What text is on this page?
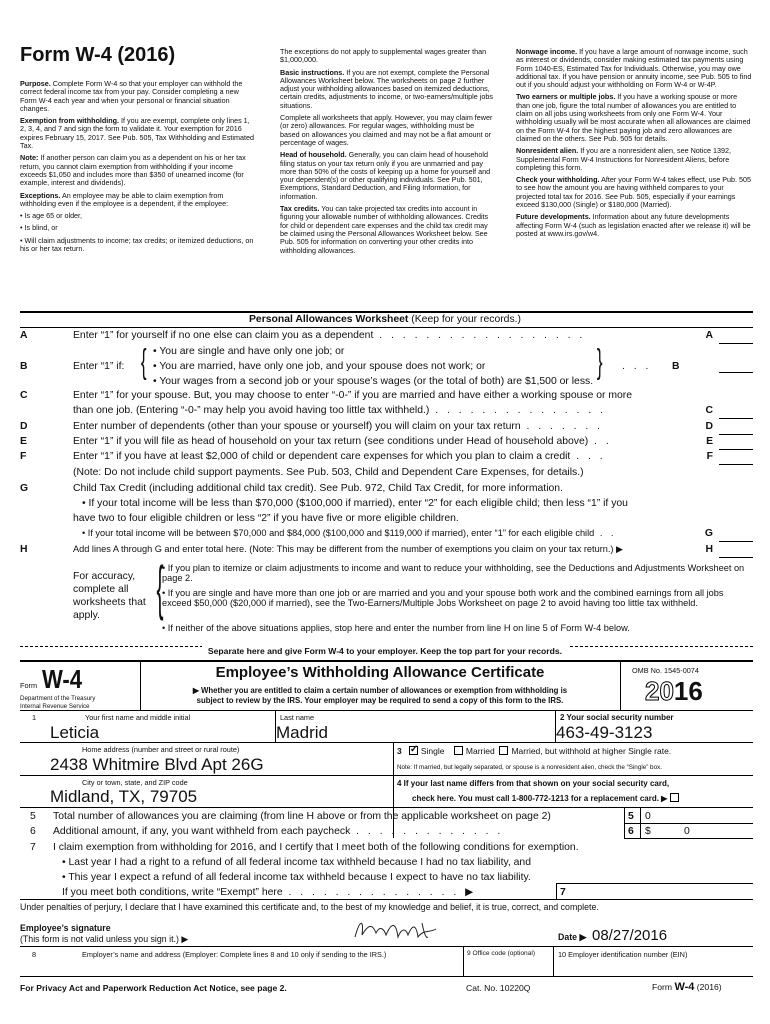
Form W-4 (2016)

Purpose. Complete Form W-4 so that your employer can withhold the correct federal income tax from your pay. Consider completing a new Form W-4 each year and when your personal or financial situation changes.

Exemption from withholding. If you are exempt, complete only lines 1, 2, 3, 4, and 7 and sign the form to validate it. Your exemption for 2016 expires February 15, 2017. See Pub. 505, Tax Withholding and Estimated Tax.

Note: If another person can claim you as a dependent on his or her tax return, you cannot claim exemption from withholding if your income exceeds $1,050 and includes more than $350 of unearned income (for example, interest and dividends).

Exceptions. An employee may be able to claim exemption from withholding even if the employee is a dependent, if the employee:

• Is age 65 or older,

• Is blind, or

• Will claim adjustments to income; tax credits; or itemized deductions, on his or her tax return.

The exceptions do not apply to supplemental wages greater than $1,000,000.

Basic instructions. If you are not exempt, complete the Personal Allowances Worksheet below. The worksheets on page 2 further adjust your withholding allowances based on itemized deductions, certain credits, adjustments to income, or two-earners/multiple jobs situations.

Complete all worksheets that apply. However, you may claim fewer (or zero) allowances. For regular wages, withholding must be based on allowances you claimed and may not be a flat amount or percentage of wages.

Head of household. Generally, you can claim head of household filing status on your tax return only if you are unmarried and pay more than 50% of the costs of keeping up a home for yourself and your dependent(s) or other qualifying individuals. See Pub. 501, Exemptions, Standard Deduction, and Filing Information, for information.

Tax credits. You can take projected tax credits into account in figuring your allowable number of withholding allowances. Credits for child or dependent care expenses and the child tax credit may be claimed using the Personal Allowances Worksheet below. See Pub. 505 for information on converting your other credits into withholding allowances.

Nonwage income. If you have a large amount of nonwage income, such as interest or dividends, consider making estimated tax payments using Form 1040-ES, Estimated Tax for Individuals. Otherwise, you may owe additional tax. If you have pension or annuity income, see Pub. 505 to find out if you should adjust your withholding on Form W-4 or W-4P.

Two earners or multiple jobs. If you have a working spouse or more than one job, figure the total number of allowances you are entitled to claim on all jobs using worksheets from only one Form W-4. Your withholding usually will be most accurate when all allowances are claimed on the Form W-4 for the highest paying job and zero allowances are claimed on the others. See Pub. 505 for details.

Nonresident alien. If you are a nonresident alien, see Notice 1392, Supplemental Form W-4 Instructions for Nonresident Aliens, before completing this form.

Check your withholding. After your Form W-4 takes effect, use Pub. 505 to see how the amount you are having withheld compares to your projected total tax for 2016. See Pub. 505, especially if your earnings exceed $130,000 (Single) or $180,000 (Married).

Future developments. Information about any future developments affecting Form W-4 (such as legislation enacted after we release it) will be posted at www.irs.gov/w4.

Personal Allowances Worksheet (Keep for your records.)
A	Enter “1” for yourself if no one else can claim you as a dependent . . . . . . . . . . . . . . . . . .	A
B	Enter “1” if: { • You are single and have only one job; or
• You are married, have only one job, and your spouse does not work; or
• Your wages from a second job or your spouse’s wages (or the total of both) are $1,500 or less.
} . . . B
C	Enter “1” for your spouse. But, you may choose to enter “-0-” if you are married and have either a working spouse or more
than one job. (Entering “-0-” may help you avoid having too little tax withheld.) . . . . . . . . . . . . . . .	C
D	Enter number of dependents (other than your spouse or yourself) you will claim on your tax return . . . . . . .	D
E	Enter “1” if you will file as head of household on your tax return (see conditions under Head of household above) . .	E
F	Enter “1” if you have at least $2,000 of child or dependent care expenses for which you plan to claim a credit . . .	F
(Note: Do not include child support payments. See Pub. 503, Child and Dependent Care Expenses, for details.)
G	Child Tax Credit (including additional child tax credit). See Pub. 972, Child Tax Credit, for more information.
• If your total income will be less than $70,000 ($100,000 if married), enter “2” for each eligible child; then less “1” if you
have two to four eligible children or less “2” if you have five or more eligible children.
• If your total income will be between $70,000 and $84,000 ($100,000 and $119,000 if married), enter “1” for each eligible child . .	G
H	Add lines A through G and enter total here. (Note: This may be different from the number of exemptions you claim on your tax return.) ▶	H
For accuracy, complete all worksheets that apply. {
• If you plan to itemize or claim adjustments to income and want to reduce your withholding, see the Deductions and Adjustments Worksheet on page 2.
• If you are single and have more than one job or are married and you and your spouse both work and the combined earnings from all jobs exceed $50,000 ($20,000 if married), see the Two-Earners/Multiple Jobs Worksheet on page 2 to avoid having too little tax withheld.
• If neither of the above situations applies, stop here and enter the number from line H on line 5 of Form W-4 below.
Separate here and give Form W-4 to your employer. Keep the top part for your records.
Form W-4
Department of the Treasury
Internal Revenue Service
Employee’s Withholding Allowance Certificate
▶ Whether you are entitled to claim a certain number of allowances or exemption from withholding is
subject to review by the IRS. Your employer may be required to send a copy of this form to the IRS.
OMB No. 1545-0074
2016
1	Your first name and middle initial
Leticia
Last name
Madrid
2 Your social security number
463-49-3123
Home address (number and street or rural route)
2438 Whitmire Blvd Apt 26G
3   ✓ Single	Married Married, but withhold at higher Single rate.
Note: If married, but legally separated, or spouse is a nonresident alien, check the “Single” box.
City or town, state, and ZIP code
Midland, TX, 79705
4 If your last name differs from that shown on your social security card,
check here. You must call 1-800-772-1213 for a replacement card. ▶
5 Total number of allowances you are claiming (from line H above or from the applicable worksheet on page 2)
6 Additional amount, if any, you want withheld from each paycheck . . . . . . . . . . . . .
5 0
6 $	0
7 I claim exemption from withholding for 2016, and I certify that I meet both of the following conditions for exemption.
• Last year I had a right to a refund of all federal income tax withheld because I had no tax liability, and
• This year I expect a refund of all federal income tax withheld because I expect to have no tax liability.
If you meet both conditions, write “Exempt” here . . . . . . . . . . . . . . . ▶	7
Under penalties of perjury, I declare that I have examined this certificate and, to the best of my knowledge and belief, it is true, correct, and complete.
Employee’s signature
(This form is not valid unless you sign it.) ▶	Date ▶ 08/27/2016
8	Employer’s name and address (Employer: Complete lines 8 and 10 only if sending to the IRS.)	9 Office code (optional)	10 Employer identification number (EIN)
For Privacy Act and Paperwork Reduction Act Notice, see page 2.	Cat. No. 10220Q	Form W-4 (2016)
